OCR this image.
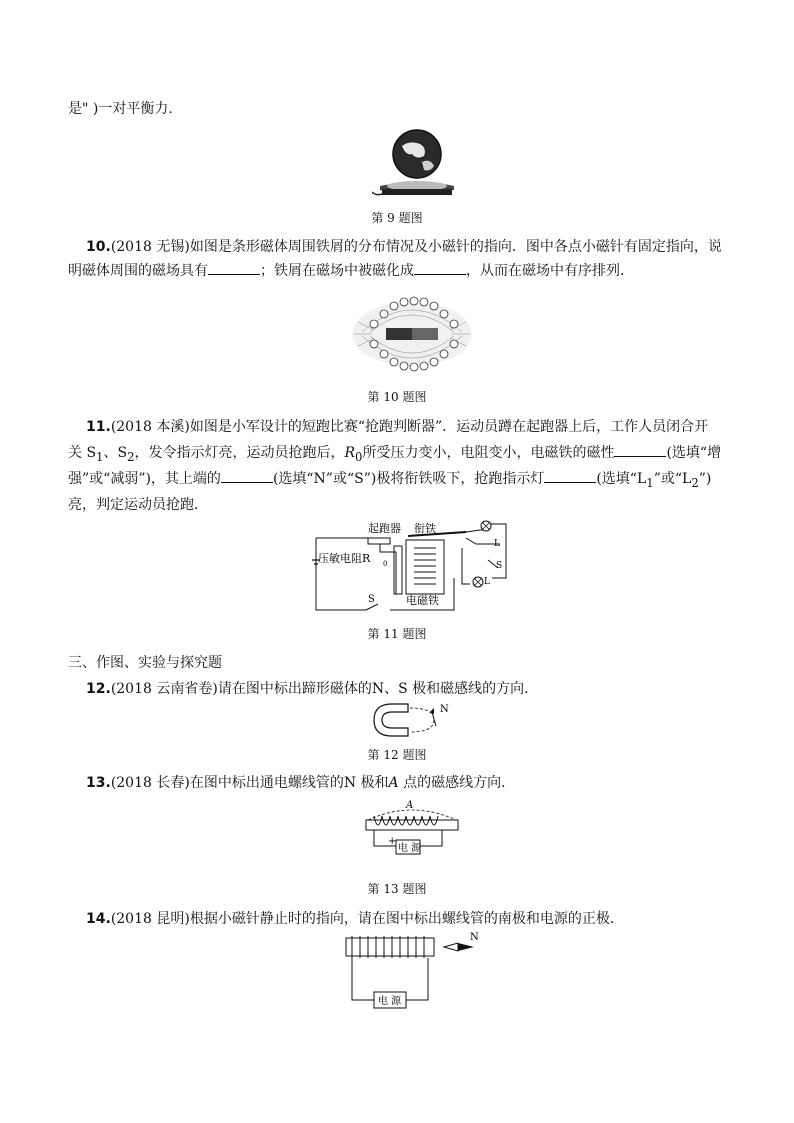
是" )一对平衡力.
第 9 题图
10.(2018 无锡)如图是条形磁体周围铁屑的分布情况及小磁针的指向．图中各点小磁针有固定指向，说
明磁体周围的磁场具有	；铁屑在磁场中被磁化成	，从而在磁场中有序排列．
第 10 题图
11.(2018 本溪)如图是小军设计的短跑比赛“抢跑判断器”．运动员蹲在起跑器上后，工作人员闭合开
关 $S_1$、$S_2$，发令指示灯亮，运动员抢跑后，$R_0$所受压力变小，电阻变小，电磁铁的磁性	(选填“增
强”或“减弱”)，其上端的	(选填“N”或“S”)极将衔铁吸下，抢跑指示灯	(选填“$L_1$”或“$L_2$”)
亮，判定运动员抢跑．
起跑器 衔铁
压敏电阻R 0
电磁铁
S
L
L
S
第 11 题图
三、作图、实验与探究题
12.(2018 云南省卷)请在图中标出蹄形磁体的N、S 极和磁感线的方向．
N
第 12 题图
13.(2018 长春)在图中标出通电螺线管的N 极和A 点的磁感线方向．
A
电 源
+
第 13 题图
14.(2018 昆明)根据小磁针静止时的指向，请在图中标出螺线管的南极和电源的正极．
电 源
N
